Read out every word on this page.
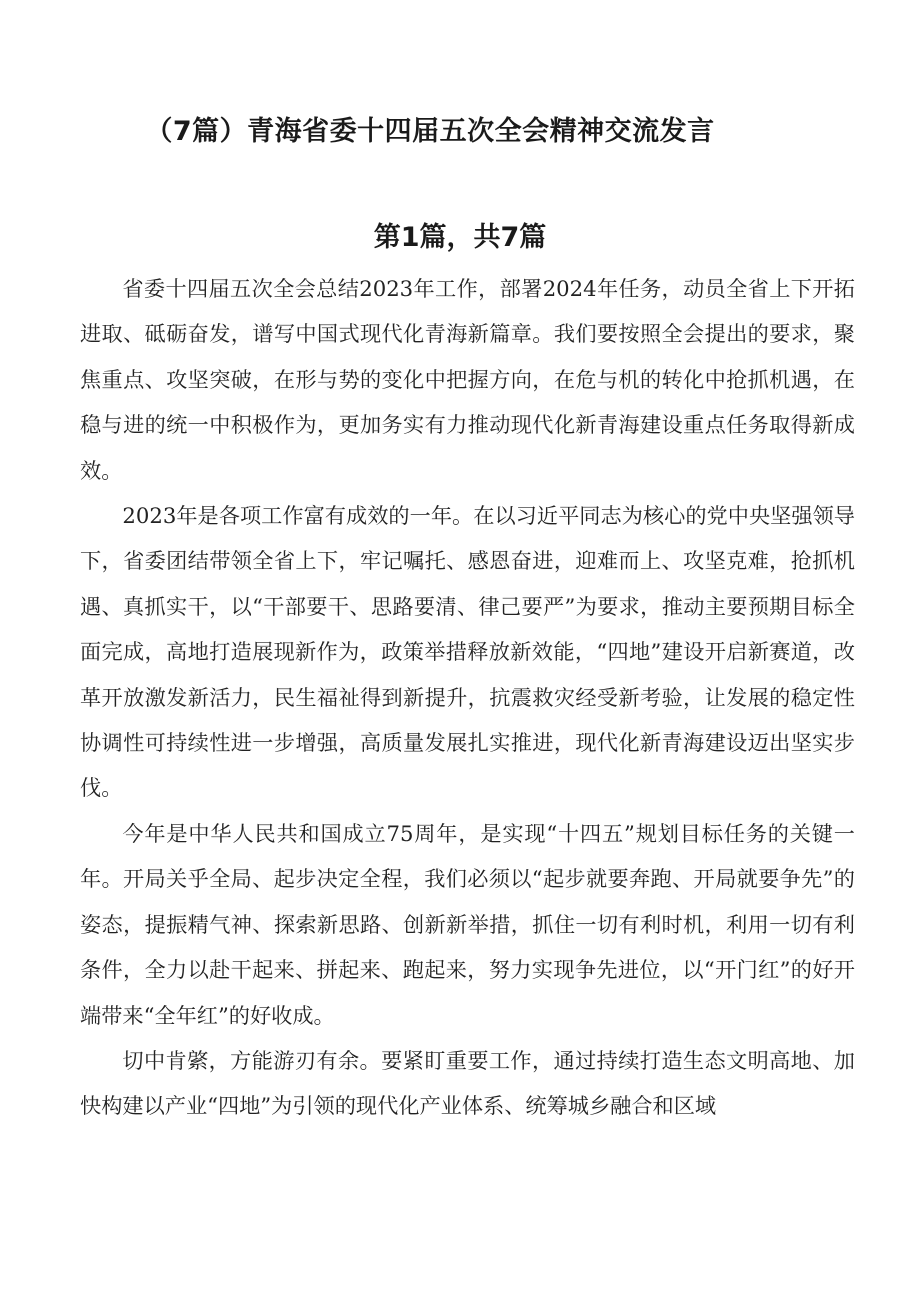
（7篇）青海省委十四届五次全会精神交流发言
第1篇，共7篇

省委十四届五次全会总结2023年工作，部署2024年任务，动员全省上下开拓进取、砥砺奋发，谱写中国式现代化青海新篇章。我们要按照全会提出的要求，聚焦重点、攻坚突破，在形与势的变化中把握方向，在危与机的转化中抢抓机遇，在稳与进的统一中积极作为，更加务实有力推动现代化新青海建设重点任务取得新成效。

2023年是各项工作富有成效的一年。在以习近平同志为核心的党中央坚强领导下，省委团结带领全省上下，牢记嘱托、感恩奋进，迎难而上、攻坚克难，抢抓机遇、真抓实干，以“干部要干、思路要清、律己要严”为要求，推动主要预期目标全面完成，高地打造展现新作为，政策举措释放新效能，“四地”建设开启新赛道，改革开放激发新活力，民生福祉得到新提升，抗震救灾经受新考验，让发展的稳定性协调性可持续性进一步增强，高质量发展扎实推进，现代化新青海建设迈出坚实步伐。

今年是中华人民共和国成立75周年，是实现“十四五”规划目标任务的关键一年。开局关乎全局、起步决定全程，我们必须以“起步就要奔跑、开局就要争先”的姿态，提振精气神、探索新思路、创新新举措，抓住一切有利时机，利用一切有利条件，全力以赴干起来、拼起来、跑起来，努力实现争先进位，以“开门红”的好开端带来“全年红”的好收成。

切中肯綮，方能游刃有余。要紧盯重要工作，通过持续打造生态文明高地、加快构建以产业“四地”为引领的现代化产业体系、统筹城乡融合和区域
